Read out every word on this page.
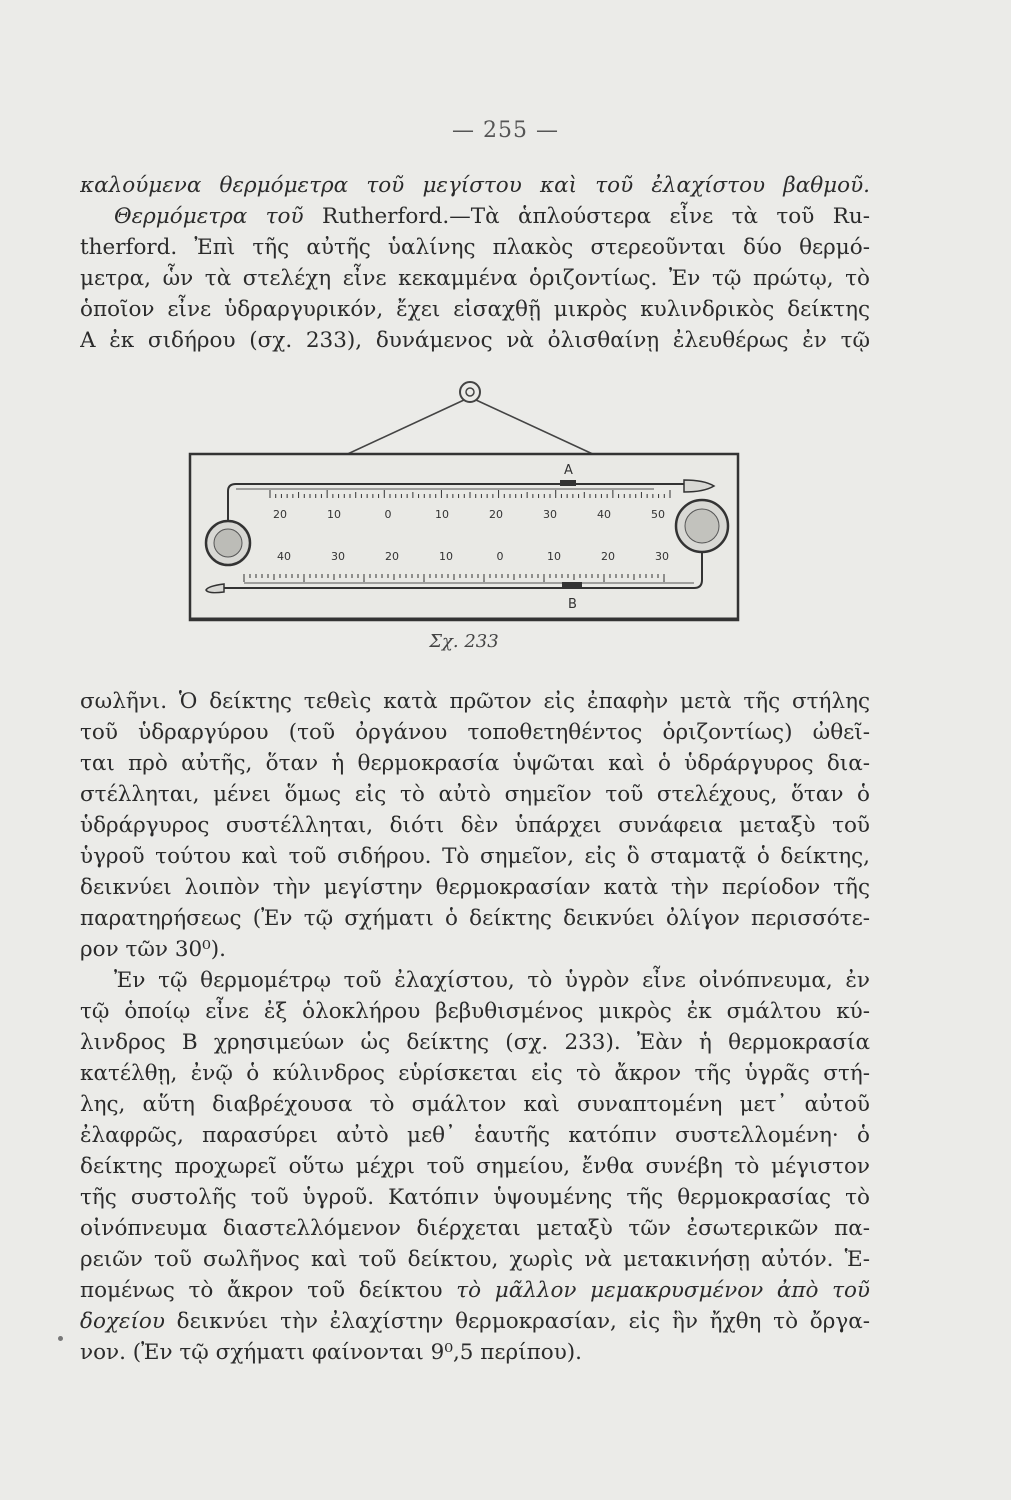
— 255 —
καλούμενα θερμόμετρα τοῦ μεγίστου καὶ τοῦ ἐλαχίστου βαθμοῦ.
Θερμόμετρα τοῦ Rutherford.—Τὰ ἁπλούστερα εἶνε τὰ τοῦ Ru-
therford. Ἐπὶ τῆς αὐτῆς ὑαλίνης πλακὸς στερεοῦνται δύο θερμό-
μετρα, ὧν τὰ στελέχη εἶνε κεκαμμένα ὁριζοντίως. Ἐν τῷ πρώτῳ, τὸ
ὁποῖον εἶνε ὑδραργυρικόν, ἔχει εἰσαχθῇ μικρὸς κυλινδρικὸς δείκτης
Α ἐκ σιδήρου (σχ. 233), δυνάμενος νὰ ὀλισθαίνῃ ἐλευθέρως ἐν τῷ
A
B
20	10	0	10	20	30	40	50
40	30	20	10	0	10	20	30
Σχ. 233
σωλῆνι. Ὁ δείκτης τεθεὶς κατὰ πρῶτον εἰς ἐπαφὴν μετὰ τῆς στήλης
τοῦ ὑδραργύρου (τοῦ ὀργάνου τοποθετηθέντος ὁριζοντίως) ὠθεῖ-
ται πρὸ αὐτῆς, ὅταν ἡ θερμοκρασία ὑψῶται καὶ ὁ ὑδράργυρος δια-
στέλληται, μένει ὅμως εἰς τὸ αὐτὸ σημεῖον τοῦ στελέχους, ὅταν ὁ
ὑδράργυρος συστέλληται, διότι δὲν ὑπάρχει συνάφεια μεταξὺ τοῦ
ὑγροῦ τούτου καὶ τοῦ σιδήρου. Τὸ σημεῖον, εἰς ὃ σταματᾷ ὁ δείκτης,
δεικνύει λοιπὸν τὴν μεγίστην θερμοκρασίαν κατὰ τὴν περίοδον τῆς
παρατηρήσεως (Ἐν τῷ σχήματι ὁ δείκτης δεικνύει ὀλίγον περισσότε-
ρον τῶν 30⁰).
Ἐν τῷ θερμομέτρῳ τοῦ ἐλαχίστου, τὸ ὑγρὸν εἶνε οἰνόπνευμα, ἐν
τῷ ὁποίῳ εἶνε ἐξ ὁλοκλήρου βεβυθισμένος μικρὸς ἐκ σμάλτου κύ-
λινδρος Β χρησιμεύων ὡς δείκτης (σχ. 233). Ἐὰν ἡ θερμοκρασία
κατέλθῃ, ἐνῷ ὁ κύλινδρος εὑρίσκεται εἰς τὸ ἄκρον τῆς ὑγρᾶς στή-
λης, αὕτη διαβρέχουσα τὸ σμάλτον καὶ συναπτομένη μετ᾽ αὐτοῦ
ἐλαφρῶς, παρασύρει αὐτὸ μεθ᾽ ἑαυτῆς κατόπιν συστελλομένη· ὁ
δείκτης προχωρεῖ οὕτω μέχρι τοῦ σημείου, ἔνθα συνέβη τὸ μέγιστον
τῆς συστολῆς τοῦ ὑγροῦ. Κατόπιν ὑψουμένης τῆς θερμοκρασίας τὸ
οἰνόπνευμα διαστελλόμενον διέρχεται μεταξὺ τῶν ἐσωτερικῶν πα-
ρειῶν τοῦ σωλῆνος καὶ τοῦ δείκτου, χωρὶς νὰ μετακινήσῃ αὐτόν. Ἑ-
πομένως τὸ ἄκρον τοῦ δείκτου τὸ μᾶλλον μεμακρυσμένον ἀπὸ τοῦ
δοχείου δεικνύει τὴν ἐλαχίστην θερμοκρασίαν, εἰς ἣν ἤχθη τὸ ὄργα-
νον. (Ἐν τῷ σχήματι φαίνονται 9⁰,5 περίπου).
